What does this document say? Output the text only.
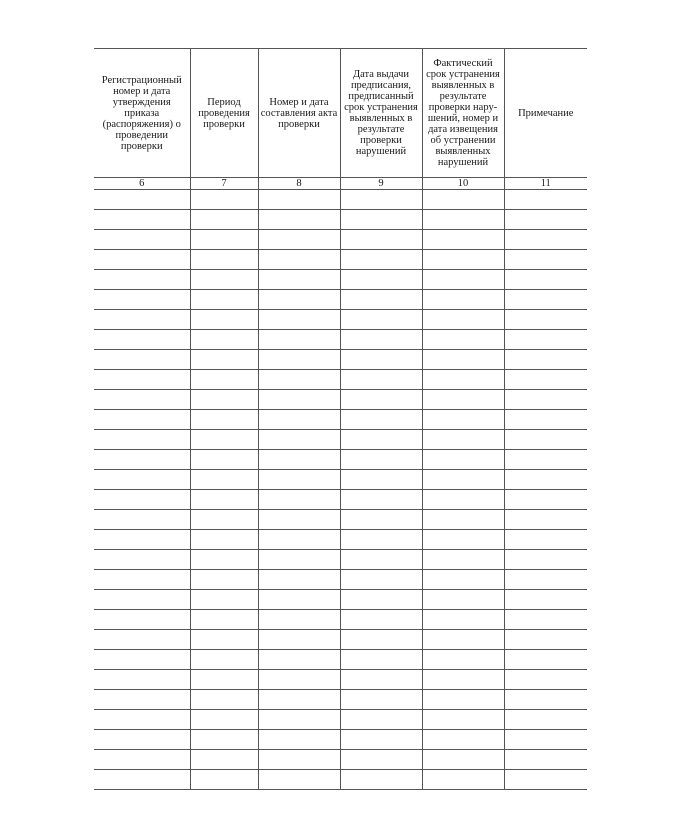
Регистрационный номер и дата утверждения приказа (распоряжения) о проведении проверки	Период проведения проверки	Номер и дата составления акта проверки	Дата выдачи предписания, предписанный срок устранения выявленных в результате проверки нарушений	Фактический срок устранения выявленных в результате проверки нарушений, номер и дата извещения об устранении выявленных нарушений	Примечание
6	7	8	9	10	11
